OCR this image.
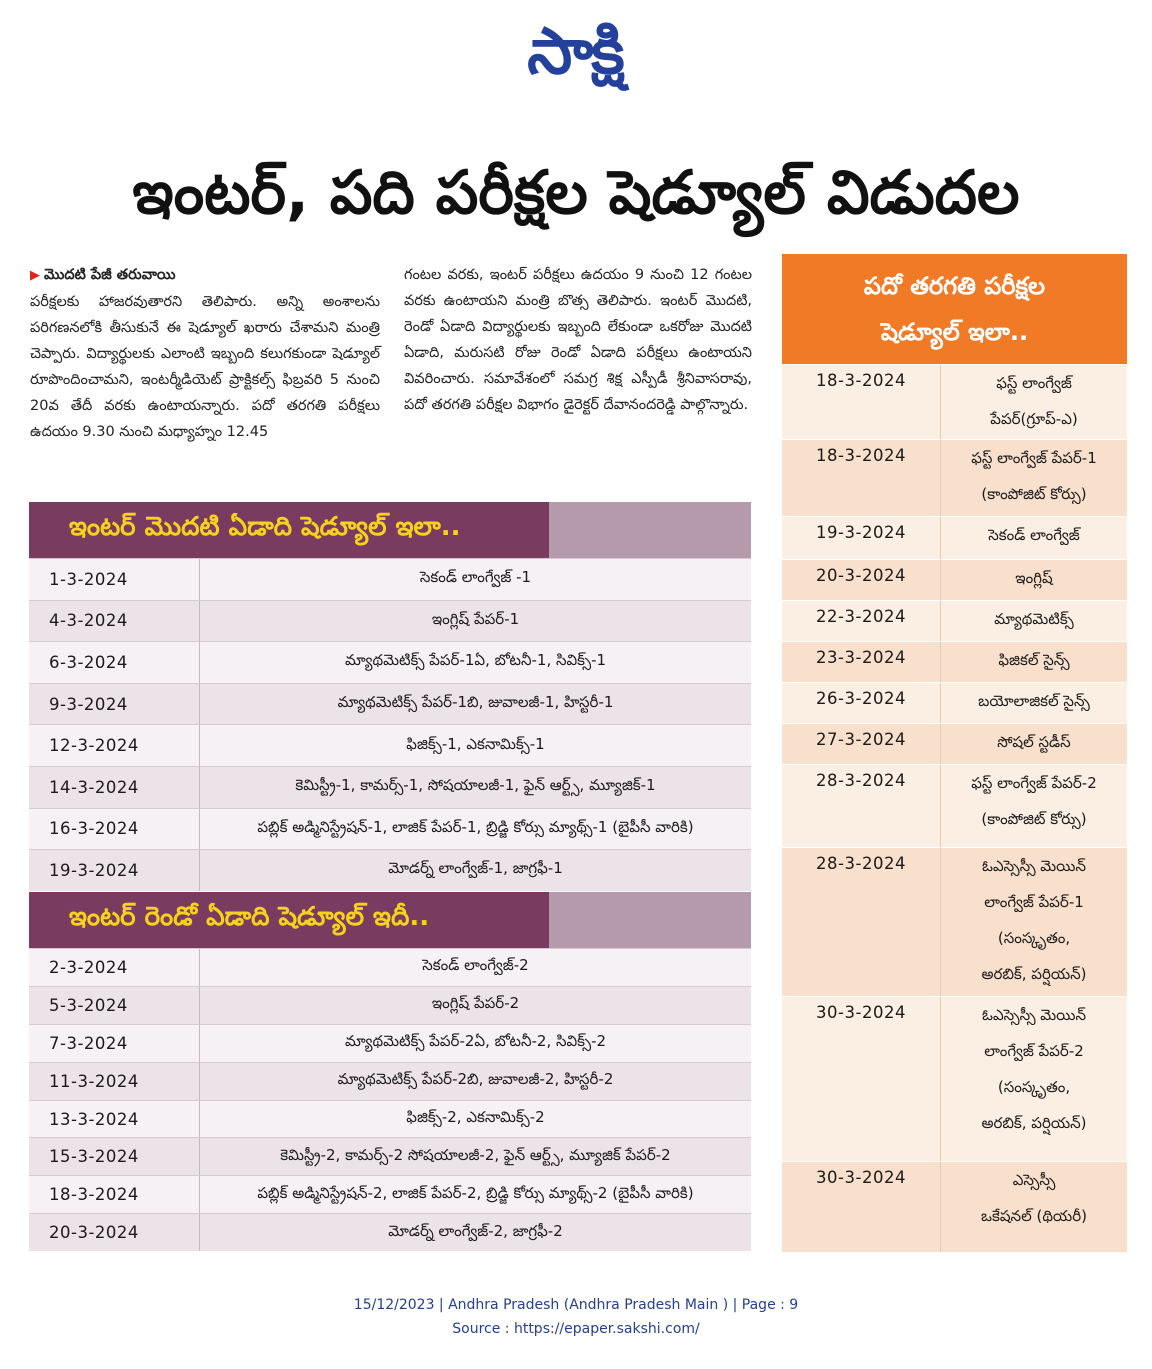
సాక్షి
ఇంటర్, పది పరీక్షల షెడ్యూల్ విడుదల
▶ మొదటి పేజీ తరువాయి
పరీక్షలకు హాజరవుతారని తెలిపారు. అన్ని అంశాలను పరిగణనలోకి తీసుకునే ఈ షెడ్యూల్ ఖరారు చేశామని మంత్రి చెప్పారు. విద్యార్థులకు ఎలాంటి ఇబ్బంది కలుగకుండా షెడ్యూల్ రూపొందించామని, ఇంటర్మీడియెట్ ప్రాక్టికల్స్ ఫిబ్రవరి 5 నుంచి 20వ తేదీ వరకు ఉంటాయన్నారు. పదో తరగతి పరీక్షలు ఉదయం 9.30 నుంచి మధ్యాహ్నం 12.45
గంటల వరకు, ఇంటర్ పరీక్షలు ఉదయం 9 నుంచి 12 గంటల వరకు ఉంటాయని మంత్రి బొత్స తెలిపారు. ఇంటర్ మొదటి, రెండో ఏడాది విద్యార్థులకు ఇబ్బంది లేకుండా ఒకరోజు మొదటి ఏడాది, మరుసటి రోజు రెండో ఏడాది పరీక్షలు ఉంటాయని వివరించారు. సమావేశంలో సమగ్ర శిక్ష ఎస్పీడీ శ్రీనివాసరావు, పదో తరగతి పరీక్షల విభాగం డైరెక్టర్ దేవానందరెడ్డి పాల్గొన్నారు.
ఇంటర్ మొదటి ఏడాది షెడ్యూల్ ఇలా..
1-3-2024	సెకండ్ లాంగ్వేజ్ -1
4-3-2024	ఇంగ్లిష్ పేపర్-1
6-3-2024	మ్యాథమెటిక్స్ పేపర్-1ఏ, బోటనీ-1, సివిక్స్-1
9-3-2024	మ్యాథమెటిక్స్ పేపర్-1బి, జువాలజీ-1, హిస్టరీ-1
12-3-2024	ఫిజిక్స్-1, ఎకనామిక్స్-1
14-3-2024	కెమిస్ట్రీ-1, కామర్స్-1, సోషయాలజీ-1, ఫైన్ ఆర్ట్స్, మ్యూజిక్-1
16-3-2024	పబ్లిక్ అడ్మినిస్ట్రేషన్-1, లాజిక్ పేపర్-1, బ్రిడ్జి కోర్సు మ్యాథ్స్-1 (బైపీసీ వారికి)
19-3-2024	మోడర్న్ లాంగ్వేజ్-1, జాగ్రఫీ-1
ఇంటర్ రెండో ఏడాది షెడ్యూల్ ఇదీ..
2-3-2024	సెకండ్ లాంగ్వేజ్-2
5-3-2024	ఇంగ్లిష్ పేపర్-2
7-3-2024	మ్యాథమెటిక్స్ పేపర్-2ఏ, బోటనీ-2, సివిక్స్-2
11-3-2024	మ్యాథమెటిక్స్ పేపర్-2బి, జువాలజీ-2, హిస్టరీ-2
13-3-2024	ఫిజిక్స్-2, ఎకనామిక్స్-2
15-3-2024	కెమిస్ట్రీ-2, కామర్స్-2 సోషయాలజీ-2, ఫైన్ ఆర్ట్స్, మ్యూజిక్ పేపర్-2
18-3-2024	పబ్లిక్ అడ్మినిస్ట్రేషన్-2, లాజిక్ పేపర్-2, బ్రిడ్జి కోర్సు మ్యాథ్స్-2 (బైపీసీ వారికి)
20-3-2024	మోడర్న్ లాంగ్వేజ్-2, జాగ్రఫీ-2
పదో తరగతి పరీక్షల
షెడ్యూల్ ఇలా..
18-3-2024	ఫస్ట్ లాంగ్వేజ్
పేపర్(గ్రూప్-ఎ)
18-3-2024	ఫస్ట్ లాంగ్వేజ్ పేపర్-1
(కాంపోజిట్ కోర్సు)
19-3-2024	సెకండ్ లాంగ్వేజ్
20-3-2024	ఇంగ్లిష్
22-3-2024	మ్యాథమెటిక్స్
23-3-2024	ఫిజికల్ సైన్స్
26-3-2024	బయోలాజికల్ సైన్స్
27-3-2024	సోషల్ స్టడీస్
28-3-2024	ఫస్ట్ లాంగ్వేజ్ పేపర్-2
(కాంపోజిట్ కోర్సు)
28-3-2024	ఓఎస్సెస్సీ మెయిన్
లాంగ్వేజ్ పేపర్-1
(సంస్కృతం,
అరబిక్, పర్షియన్)
30-3-2024	ఓఎస్సెస్సీ మెయిన్
లాంగ్వేజ్ పేపర్-2
(సంస్కృతం,
అరబిక్, పర్షియన్)
30-3-2024	ఎస్సెస్సీ
ఒకేషనల్ (థియరీ)
15/12/2023 | Andhra Pradesh (Andhra Pradesh Main ) | Page : 9
Source : https://epaper.sakshi.com/
